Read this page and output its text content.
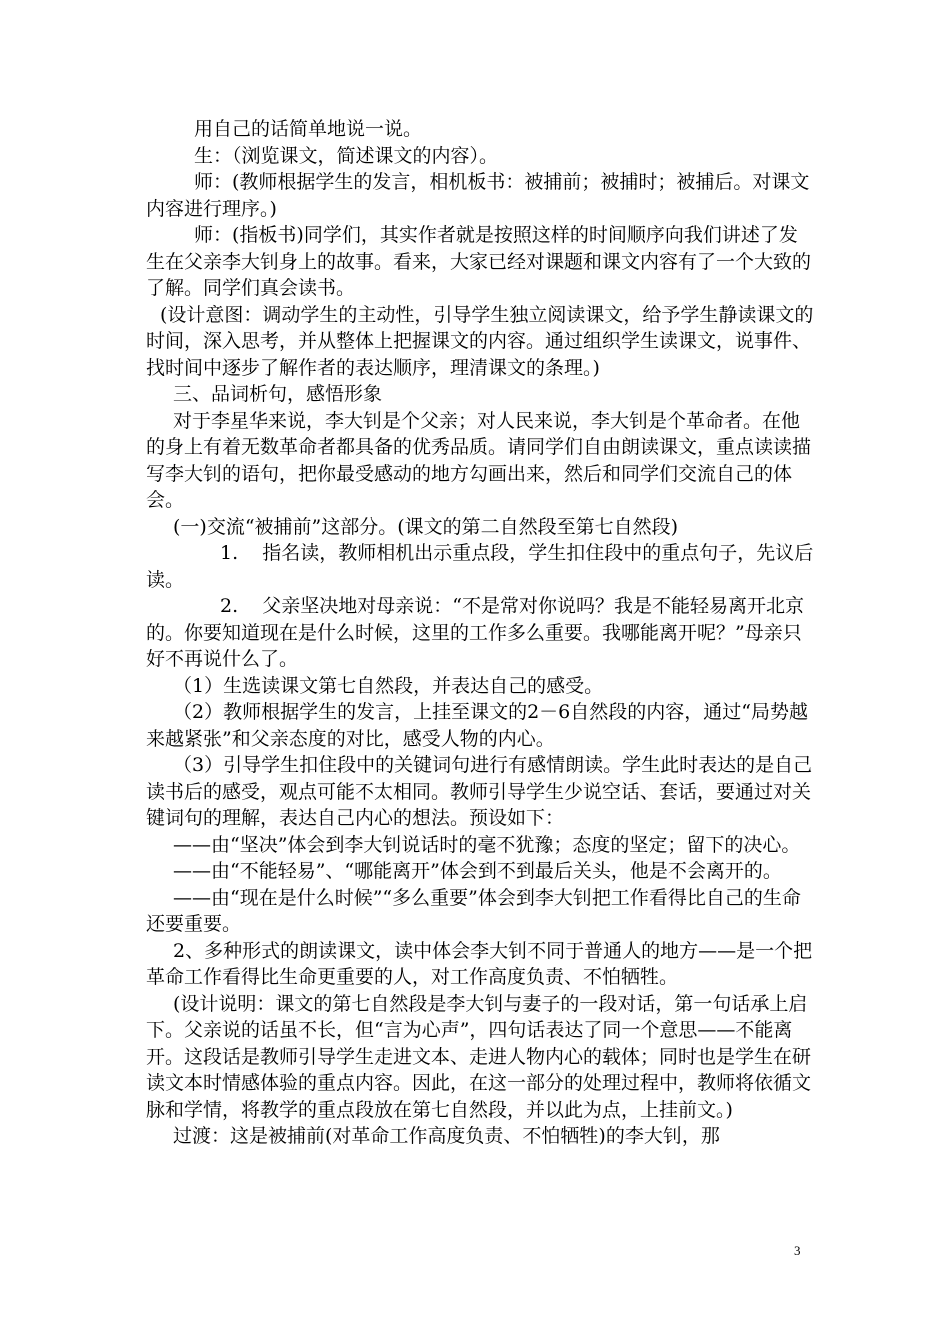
用自己的话简单地说一说。

生：（浏览课文，简述课文的内容）。

师：(教师根据学生的发言，相机板书：被捕前；被捕时；被捕后。对课文内容进行理序。)

师：(指板书)同学们，其实作者就是按照这样的时间顺序向我们讲述了发生在父亲李大钊身上的故事。看来，大家已经对课题和课文内容有了一个大致的了解。同学们真会读书。

(设计意图：调动学生的主动性，引导学生独立阅读课文，给予学生静读课文的时间，深入思考，并从整体上把握课文的内容。通过组织学生读课文，说事件、找时间中逐步了解作者的表达顺序，理清课文的条理。)

三、品词析句，感悟形象

对于李星华来说，李大钊是个父亲；对人民来说，李大钊是个革命者。在他的身上有着无数革命者都具备的优秀品质。请同学们自由朗读课文，重点读读描写李大钊的语句，把你最受感动的地方勾画出来，然后和同学们交流自己的体会。

(一)交流“被捕前”这部分。(课文的第二自然段至第七自然段)

1.    指名读，教师相机出示重点段，学生扣住段中的重点句子，先议后读。

2.    父亲坚决地对母亲说：“不是常对你说吗？我是不能轻易离开北京的。你要知道现在是什么时候，这里的工作多么重要。我哪能离开呢？”母亲只好不再说什么了。

（1）生选读课文第七自然段，并表达自己的感受。

（2）教师根据学生的发言，上挂至课文的2－6自然段的内容，通过“局势越来越紧张”和父亲态度的对比，感受人物的内心。

（3）引导学生扣住段中的关键词句进行有感情朗读。学生此时表达的是自己读书后的感受，观点可能不太相同。教师引导学生少说空话、套话，要通过对关键词句的理解，表达自己内心的想法。预设如下：

——由“坚决”体会到李大钊说话时的毫不犹豫；态度的坚定；留下的决心。

——由“不能轻易”、“哪能离开”体会到不到最后关头，他是不会离开的。

——由“现在是什么时候”“多么重要”体会到李大钊把工作看得比自己的生命还要重要。

2、多种形式的朗读课文，读中体会李大钊不同于普通人的地方——是一个把革命工作看得比生命更重要的人，对工作高度负责、不怕牺牲。

(设计说明：课文的第七自然段是李大钊与妻子的一段对话，第一句话承上启下。父亲说的话虽不长，但“言为心声”，四句话表达了同一个意思——不能离开。这段话是教师引导学生走进文本、走进人物内心的载体；同时也是学生在研读文本时情感体验的重点内容。因此，在这一部分的处理过程中，教师将依循文脉和学情，将教学的重点段放在第七自然段，并以此为点，上挂前文。)

过渡：这是被捕前(对革命工作高度负责、不怕牺牲)的李大钊，那

3
